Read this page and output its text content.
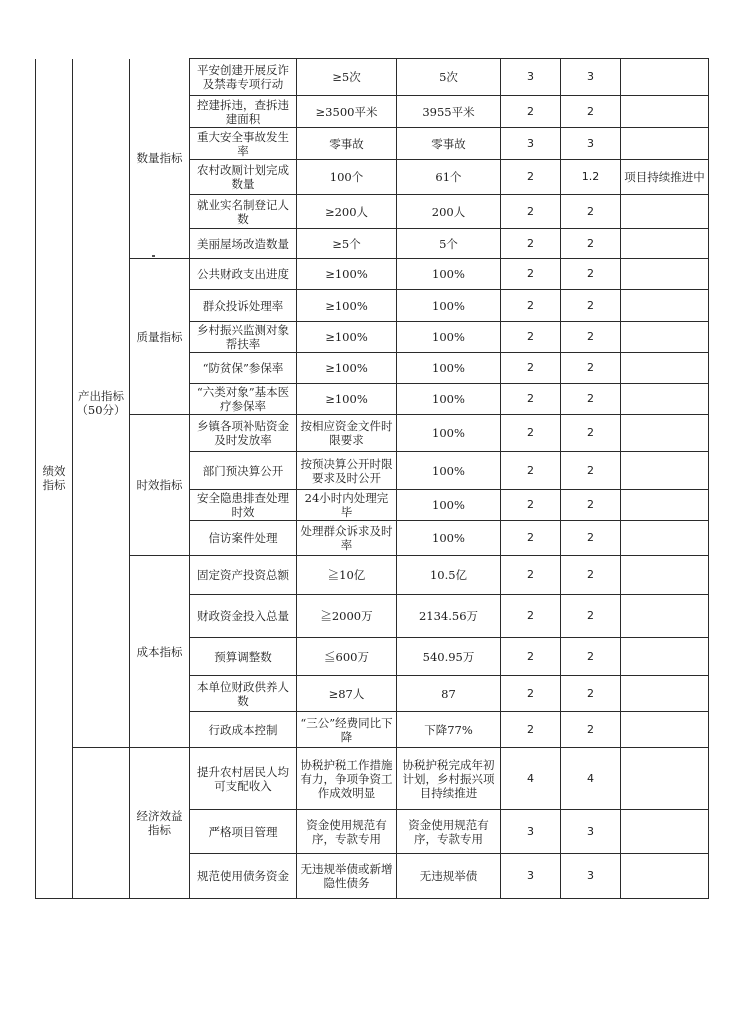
绩效指标	产出指标（50分）	数量指标	平安创建开展反诈及禁毒专项行动	≥5次	5次	3	3	
			控建拆违，查拆违建面积	≥3500平米	3955平米	2	2	
			重大安全事故发生率	零事故	零事故	3	3	
			农村改厕计划完成数量	100个	61个	2	1.2	项目持续推进中
			就业实名制登记人数	≥200人	200人	2	2	
			美丽屋场改造数量	≥5个	5个	2	2	
		质量指标	公共财政支出进度	≥100%	100%	2	2	
			群众投诉处理率	≥100%	100%	2	2	
			乡村振兴监测对象帮扶率	≥100%	100%	2	2	
			“防贫保”参保率	≥100%	100%	2	2	
			“六类对象”基本医疗参保率	≥100%	100%	2	2	
		时效指标	乡镇各项补贴资金及时发放率	按相应资金文件时限要求	100%	2	2	
			部门预决算公开	按预决算公开时限要求及时公开	100%	2	2	
			安全隐患排查处理时效	24小时内处理完毕	100%	2	2	
			信访案件处理	处理群众诉求及时率	100%	2	2	
		成本指标	固定资产投资总额	≧10亿	10.5亿	2	2	
			财政资金投入总量	≧2000万	2134.56万	2	2	
			预算调整数	≦600万	540.95万	2	2	
			本单位财政供养人数	≥87人	87	2	2	
			行政成本控制	“三公”经费同比下降	下降77%	2	2	
		经济效益指标	提升农村居民人均可支配收入	协税护税工作措施有力，争项争资工作成效明显	协税护税完成年初计划，乡村振兴项目持续推进	4	4	
			严格项目管理	资金使用规范有序，专款专用	资金使用规范有序，专款专用	3	3	
			规范使用债务资金	无违规举债或新增隐性债务	无违规举债	3	3	
